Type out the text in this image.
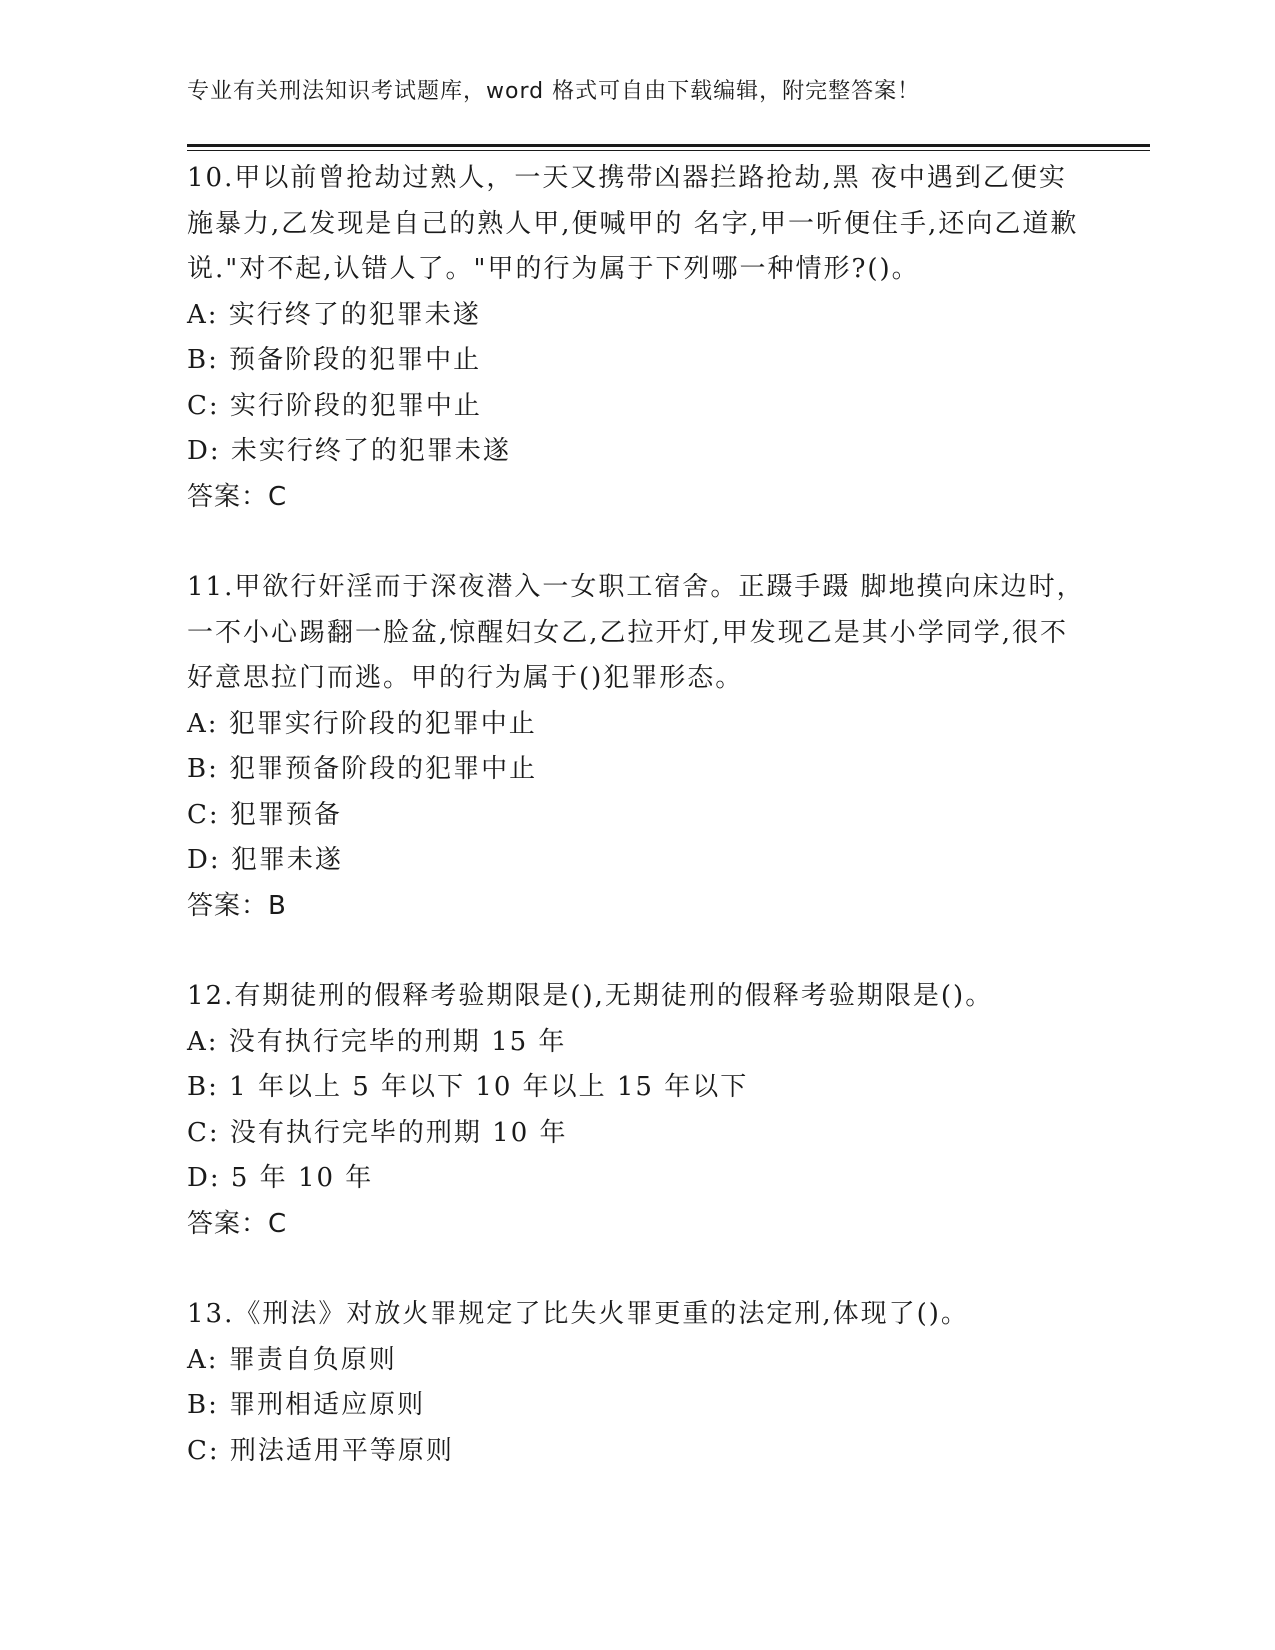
专业有关刑法知识考试题库，word 格式可自由下载编辑，附完整答案！

10.甲以前曾抢劫过熟人，一天又携带凶器拦路抢劫,黑 夜中遇到乙便实施暴力,乙发现是自己的熟人甲,便喊甲的 名字,甲一听便住手,还向乙道歉说."对不起,认错人了。"甲的行为属于下列哪一种情形?()。

A: 实行终了的犯罪未遂

B: 预备阶段的犯罪中止

C: 实行阶段的犯罪中止

D: 未实行终了的犯罪未遂

答案：C

11.甲欲行奸淫而于深夜潜入一女职工宿舍。正蹑手蹑 脚地摸向床边时，一不小心踢翻一脸盆,惊醒妇女乙,乙拉开灯,甲发现乙是其小学同学,很不好意思拉门而逃。甲的行为属于()犯罪形态。

A: 犯罪实行阶段的犯罪中止

B: 犯罪预备阶段的犯罪中止

C: 犯罪预备

D: 犯罪未遂

答案：B

12.有期徒刑的假释考验期限是(),无期徒刑的假释考验期限是()。

A: 没有执行完毕的刑期 15 年

B: 1 年以上 5 年以下 10 年以上 15 年以下

C: 没有执行完毕的刑期 10 年

D: 5 年 10 年

答案：C

13.《刑法》对放火罪规定了比失火罪更重的法定刑,体现了()。

A: 罪责自负原则

B: 罪刑相适应原则

C: 刑法适用平等原则
